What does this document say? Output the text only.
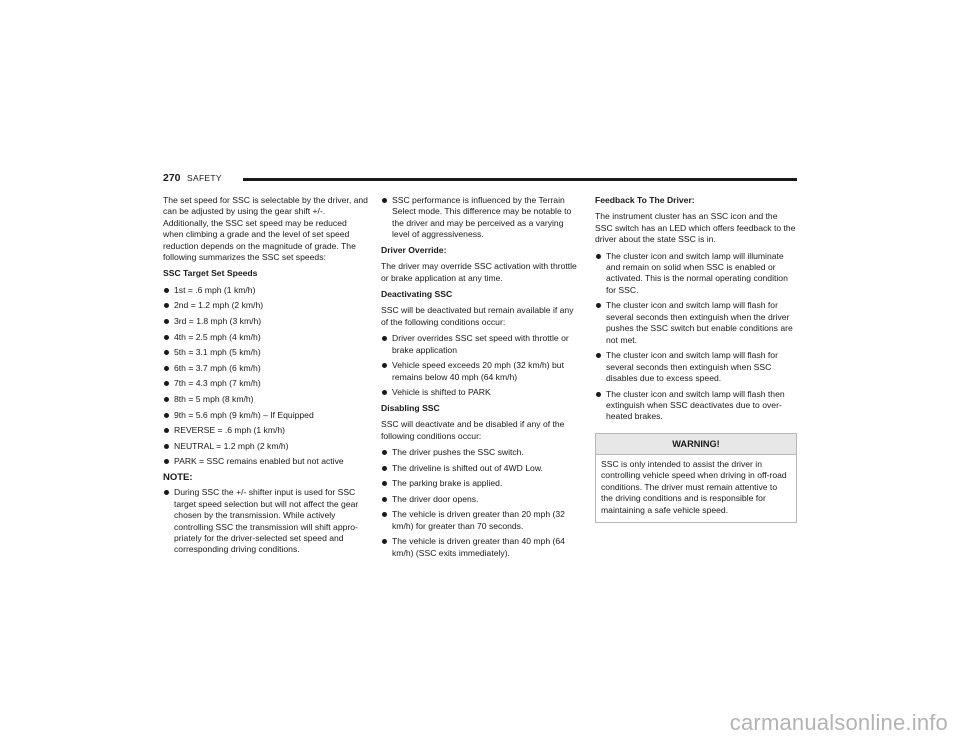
270 SAFETY

The set speed for SSC is selectable by the driver, and can be adjusted by using the gear shift +/-. Additionally, the SSC set speed may be reduced when climbing a grade and the level of set speed reduction depends on the magnitude of grade. The following summarizes the SSC set speeds:

SSC Target Set Speeds

1st = .6 mph (1 km/h)
2nd = 1.2 mph (2 km/h)
3rd = 1.8 mph (3 km/h)
4th = 2.5 mph (4 km/h)
5th = 3.1 mph (5 km/h)
6th = 3.7 mph (6 km/h)
7th = 4.3 mph (7 km/h)
8th = 5 mph (8 km/h)
9th = 5.6 mph (9 km/h) – If Equipped
REVERSE = .6 mph (1 km/h)
NEUTRAL = 1.2 mph (2 km/h)
PARK = SSC remains enabled but not active
NOTE:
During SSC the +/- shifter input is used for SSC target speed selection but will not affect the gear chosen by the transmission. While actively controlling SSC the transmission will shift appro- priately for the driver-selected set speed and corresponding driving conditions.
SSC performance is influenced by the Terrain Select mode. This difference may be notable to the driver and may be perceived as a varying level of aggressiveness.

Driver Override:

The driver may override SSC activation with throttle or brake application at any time.

Deactivating SSC

SSC will be deactivated but remain available if any of the following conditions occur:

Driver overrides SSC set speed with throttle or brake application
Vehicle speed exceeds 20 mph (32 km/h) but remains below 40 mph (64 km/h)
Vehicle is shifted to PARK

Disabling SSC

SSC will deactivate and be disabled if any of the following conditions occur:

The driver pushes the SSC switch.
The driveline is shifted out of 4WD Low.
The parking brake is applied.
The driver door opens.
The vehicle is driven greater than 20 mph (32 km/h) for greater than 70 seconds.
The vehicle is driven greater than 40 mph (64 km/h) (SSC exits immediately).

Feedback To The Driver:

The instrument cluster has an SSC icon and the SSC switch has an LED which offers feedback to the driver about the state SSC is in.

The cluster icon and switch lamp will illuminate and remain on solid when SSC is enabled or activated. This is the normal operating condition for SSC.
The cluster icon and switch lamp will flash for several seconds then extinguish when the driver pushes the SSC switch but enable conditions are not met.
The cluster icon and switch lamp will flash for several seconds then extinguish when SSC disables due to excess speed.
The cluster icon and switch lamp will flash then extinguish when SSC deactivates due to over- heated brakes.
WARNING!
SSC is only intended to assist the driver in controlling vehicle speed when driving in off-road conditions. The driver must remain attentive to the driving conditions and is responsible for maintaining a safe vehicle speed.
carmanualsonline.info
